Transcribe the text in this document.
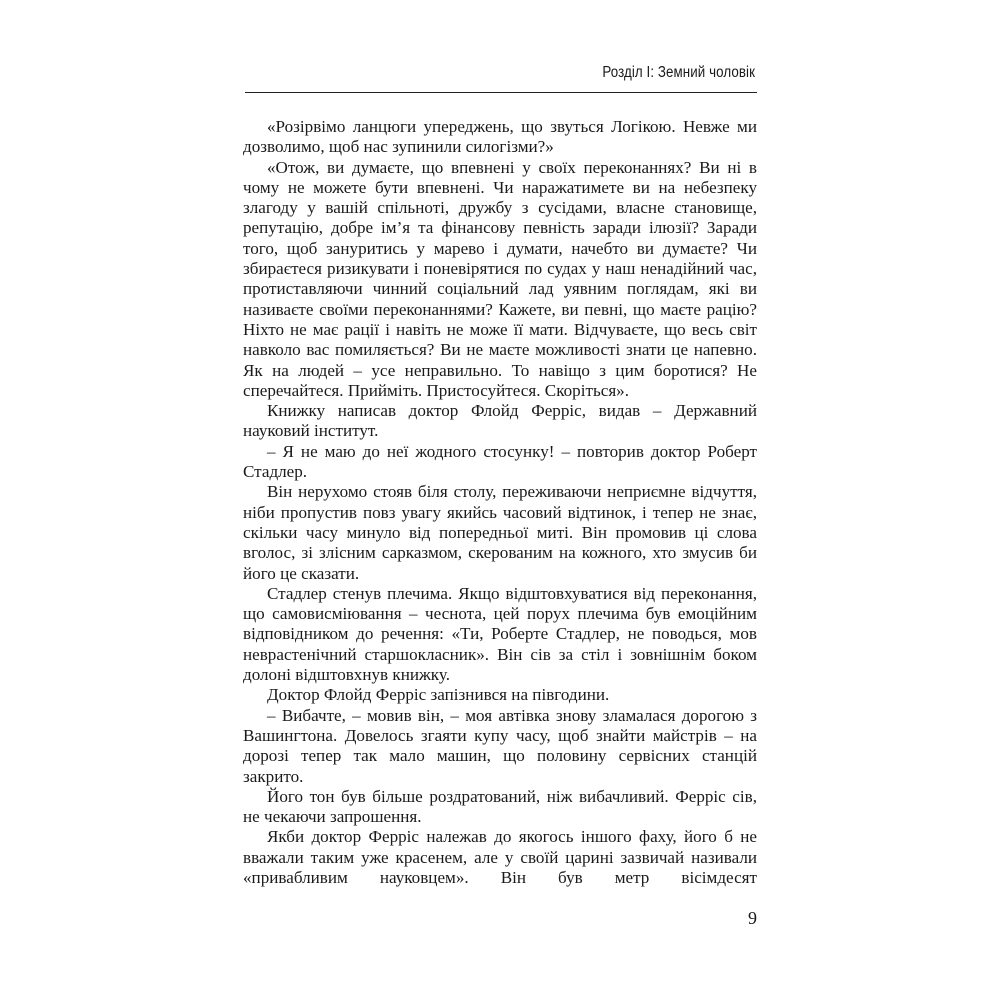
Розділ I: Земний чоловік

«Розірвімо ланцюги упереджень, що звуться Логікою. Невже ми дозволимо, щоб нас зупинили силогізми?»

«Отож, ви думаєте, що впевнені у своїх переконаннях? Ви ні в чому не можете бути впевнені. Чи наражатимете ви на небезпеку злагоду у вашій спільноті, дружбу з сусідами, власне становище, репутацію, добре ім’я та фінансову певність заради ілюзії? Заради того, щоб зануритись у марево і думати, начебто ви думаєте? Чи збираєтеся ризикувати і поневірятися по судах у наш ненадійний час, протиставляючи чинний соціальний лад уявним поглядам, які ви називаєте своїми переконаннями? Кажете, ви певні, що маєте рацію? Ніхто не має рації і навіть не може її мати. Відчуваєте, що весь світ навколо вас помиляється? Ви не маєте можливості знати це напевно. Як на людей – усе неправильно. То навіщо з цим боротися? Не сперечайтеся. Прийміть. Пристосуйтеся. Скоріться».

Книжку написав доктор Флойд Ферріс, видав – Державний науковий інститут.

– Я не маю до неї жодного стосунку! – повторив доктор Роберт Стадлер.

Він нерухомо стояв біля столу, переживаючи неприємне відчуття, ніби пропустив повз увагу якийсь часовий відтинок, і тепер не знає, скільки часу минуло від попередньої миті. Він промовив ці слова вголос, зі злісним сарказмом, скерованим на кожного, хто змусив би його це сказати.

Стадлер стенув плечима. Якщо відштовхуватися від переконання, що самовисміювання – чеснота, цей порух плечима був емоційним відповідником до речення: «Ти, Роберте Стадлер, не поводься, мов неврастенічний старшокласник». Він сів за стіл і зовнішнім боком долоні відштовхнув книжку.

Доктор Флойд Ферріс запізнився на півгодини.

– Вибачте, – мовив він, – моя автівка знову зламалася дорогою з Вашингтона. Довелось згаяти купу часу, щоб знайти майстрів – на дорозі тепер так мало машин, що половину сервісних станцій закрито.

Його тон був більше роздратований, ніж вибачливий. Ферріс сів, не чекаючи запрошення.

Якби доктор Ферріс належав до якогось іншого фаху, його б не вважали таким уже красенем, але у своїй царині зазвичай називали «привабливим науковцем». Він був метр вісімдесят

9
